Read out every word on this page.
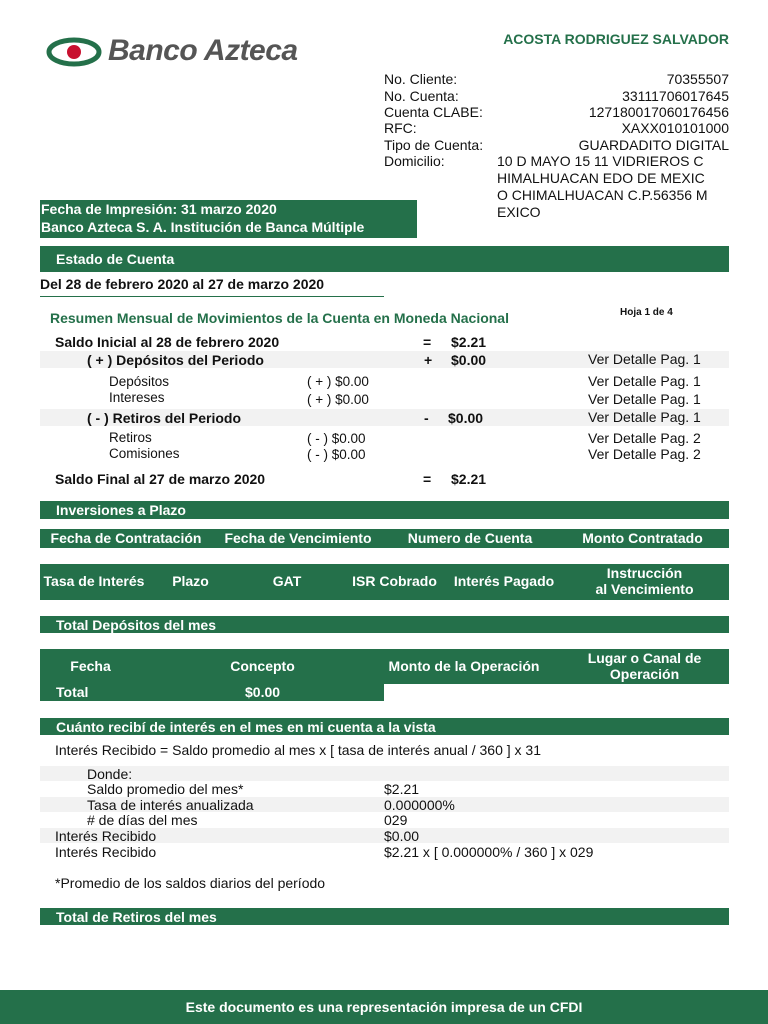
Banco Azteca	ACOSTA RODRIGUEZ SALVADOR
No. Cliente:	70355507
No. Cuenta:	33111706017645
Cuenta CLABE:	127180017060176456
RFC:	XAXX010101000
Tipo de Cuenta:	GUARDADITO DIGITAL
Domicilio:	10 D MAYO 15 11 VIDRIEROS C
HIMALHUACAN EDO DE MEXIC
O CHIMALHUACAN C.P.56356 M
EXICO
Fecha de Impresión: 31 marzo 2020
Banco Azteca S. A. Institución de Banca Múltiple
Estado de Cuenta
Del 28 de febrero 2020 al 27 de marzo 2020
Resumen Mensual de Movimientos de la Cuenta en Moneda Nacional	Hoja 1 de 4
Saldo Inicial al 28 de febrero 2020	= $2.21
( + ) Depósitos del Periodo	+ $0.00	Ver Detalle Pag. 1
Depósitos	( + ) $0.00	Ver Detalle Pag. 1
Intereses	( + ) $0.00	Ver Detalle Pag. 1
( - ) Retiros del Periodo	- $0.00	Ver Detalle Pag. 1
Retiros	( - ) $0.00	Ver Detalle Pag. 2
Comisiones	( - ) $0.00	Ver Detalle Pag. 2
Saldo Final al 27 de marzo 2020	= $2.21
Inversiones a Plazo
Fecha de Contratación	Fecha de Vencimiento	Numero de Cuenta	Monto Contratado
Tasa de Interés	Plazo	GAT	ISR Cobrado	Interés Pagado	Instrucción
al Vencimiento
Total Depósitos del mes
Fecha	Concepto	Monto de la Operación	Lugar o Canal de
Operación
Total	$0.00
Cuánto recibí de interés en el mes en mi cuenta a la vista
Interés Recibido = Saldo promedio al mes x [ tasa de interés anual / 360 ] x 31
Donde:
Saldo promedio del mes*	$2.21
Tasa de interés anualizada	0.000000%
# de días del mes	029
Interés Recibido	$0.00
Interés Recibido	$2.21 x [ 0.000000% / 360 ] x 029
*Promedio de los saldos diarios del período
Total de Retiros del mes
Este documento es una representación impresa de un CFDI
